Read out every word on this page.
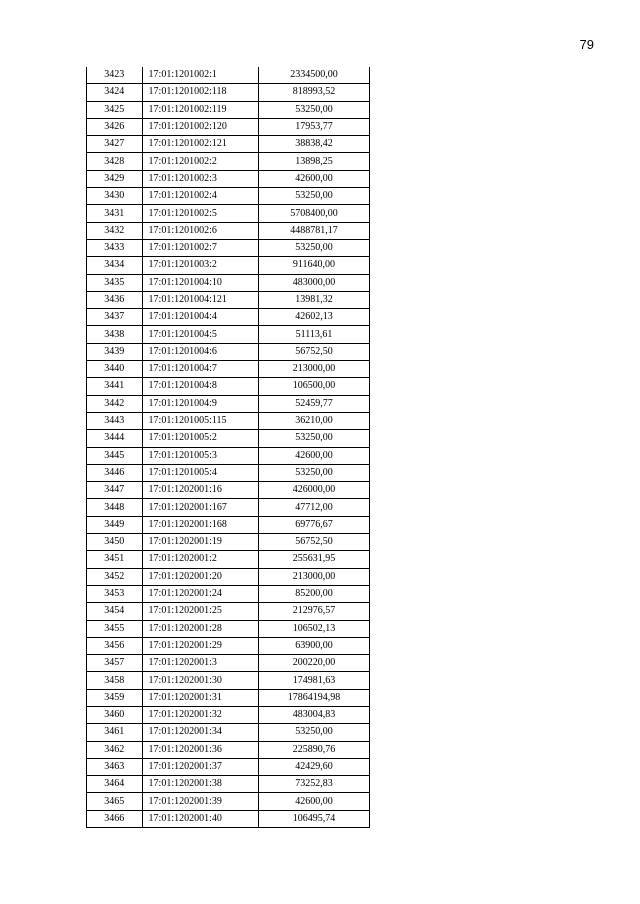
79
3423	17:01:1201002:1	2334500,00
3424	17:01:1201002:118	818993,52
3425	17:01:1201002:119	53250,00
3426	17:01:1201002:120	17953,77
3427	17:01:1201002:121	38838,42
3428	17:01:1201002:2	13898,25
3429	17:01:1201002:3	42600,00
3430	17:01:1201002:4	53250,00
3431	17:01:1201002:5	5708400,00
3432	17:01:1201002:6	4488781,17
3433	17:01:1201002:7	53250,00
3434	17:01:1201003:2	911640,00
3435	17:01:1201004:10	483000,00
3436	17:01:1201004:121	13981,32
3437	17:01:1201004:4	42602,13
3438	17:01:1201004:5	51113,61
3439	17:01:1201004:6	56752,50
3440	17:01:1201004:7	213000,00
3441	17:01:1201004:8	106500,00
3442	17:01:1201004:9	52459,77
3443	17:01:1201005:115	36210,00
3444	17:01:1201005:2	53250,00
3445	17:01:1201005:3	42600,00
3446	17:01:1201005:4	53250,00
3447	17:01:1202001:16	426000,00
3448	17:01:1202001:167	47712,00
3449	17:01:1202001:168	69776,67
3450	17:01:1202001:19	56752,50
3451	17:01:1202001:2	255631,95
3452	17:01:1202001:20	213000,00
3453	17:01:1202001:24	85200,00
3454	17:01:1202001:25	212976,57
3455	17:01:1202001:28	106502,13
3456	17:01:1202001:29	63900,00
3457	17:01:1202001:3	200220,00
3458	17:01:1202001:30	174981,63
3459	17:01:1202001:31	17864194,98
3460	17:01:1202001:32	483004,83
3461	17:01:1202001:34	53250,00
3462	17:01:1202001:36	225890,76
3463	17:01:1202001:37	42429,60
3464	17:01:1202001:38	73252,83
3465	17:01:1202001:39	42600,00
3466	17:01:1202001:40	106495,74
